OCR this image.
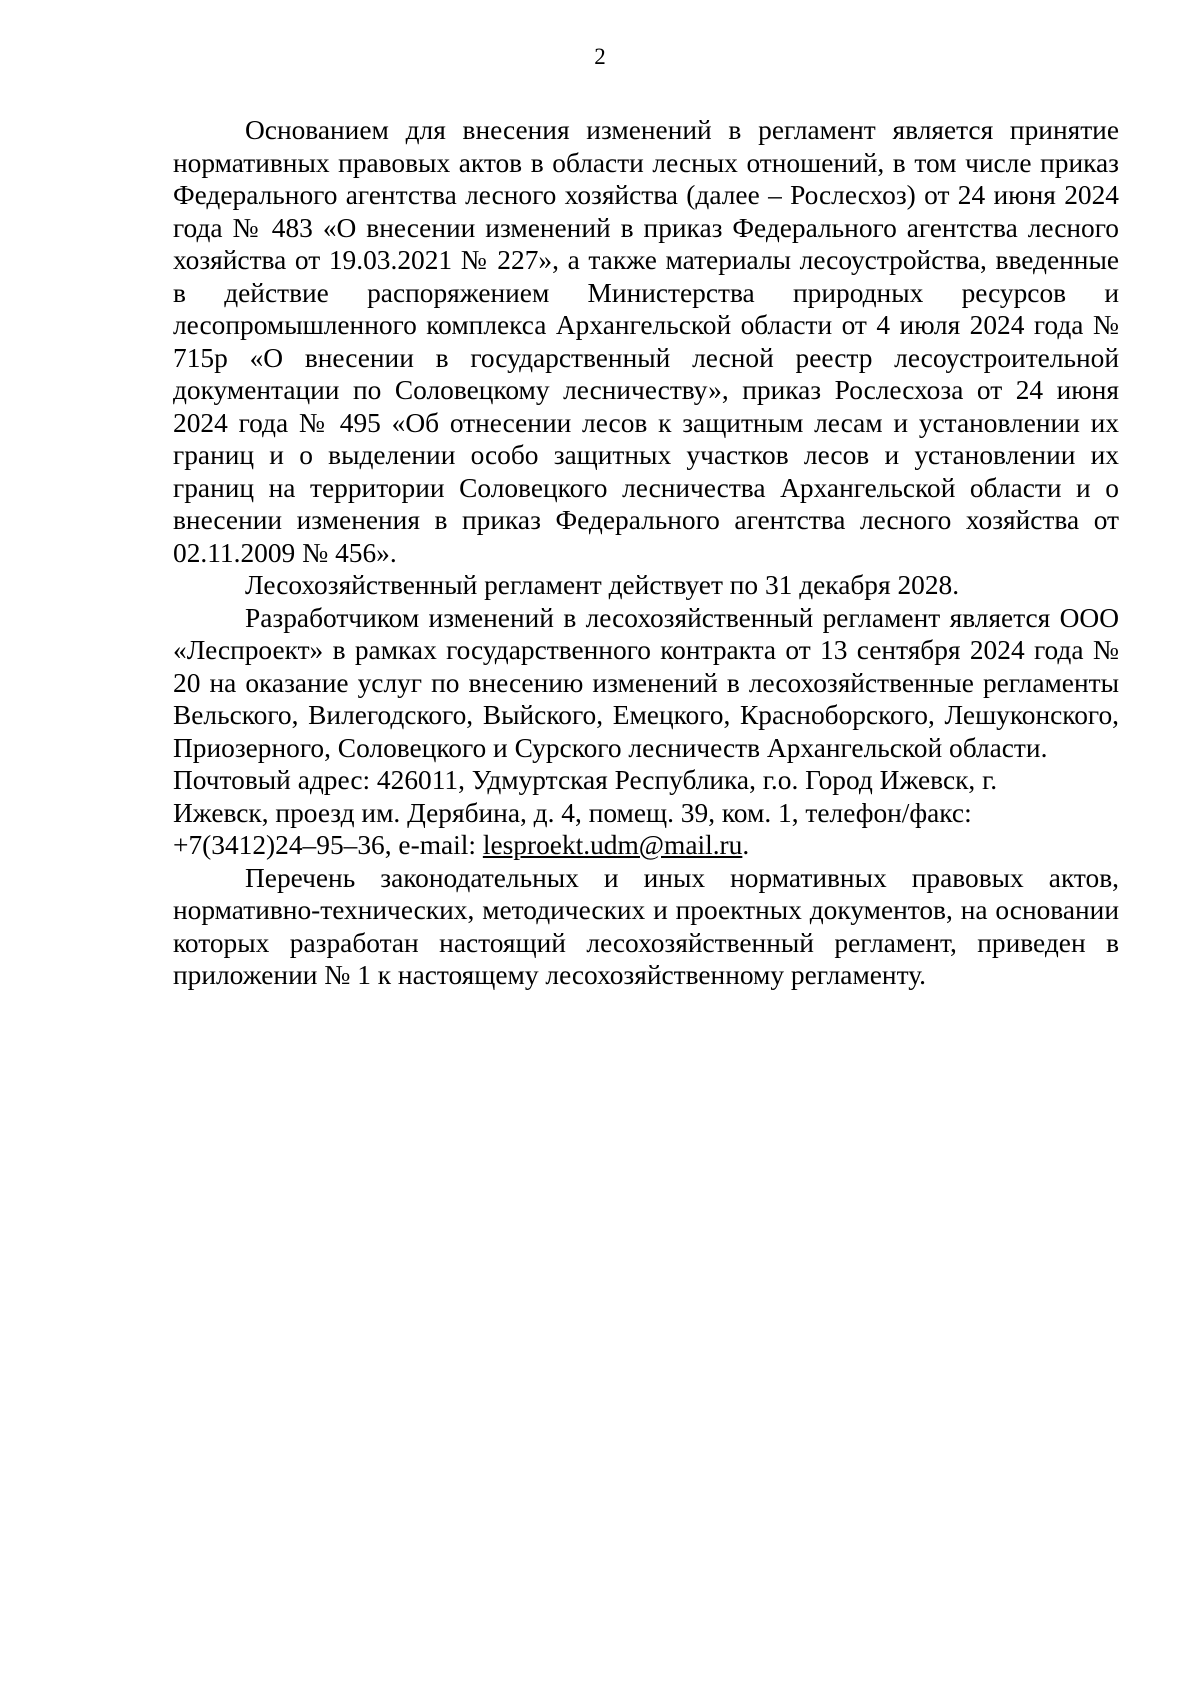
2

Основанием для внесения изменений в регламент является принятие нормативных правовых актов в области лесных отношений, в том числе приказ Федерального агентства лесного хозяйства (далее – Рослесхоз) от 24 июня 2024 года № 483 «О внесении изменений в приказ Федерального агентства лесного хозяйства от 19.03.2021 № 227», а также материалы лесоустройства, введенные в действие распоряжением Министерства природных ресурсов и лесопромышленного комплекса Архангельской области от 4 июля 2024 года № 715р «О внесении в государственный лесной реестр лесоустроительной документации по Соловецкому лесничеству», приказ Рослесхоза от 24 июня 2024 года № 495 «Об отнесении лесов к защитным лесам и установлении их границ и о выделении особо защитных участков лесов и установлении их границ на территории Соловецкого лесничества Архангельской области и о внесении изменения в приказ Федерального агентства лесного хозяйства от 02.11.2009 № 456».

Лесохозяйственный регламент действует по 31 декабря 2028.

Разработчиком изменений в лесохозяйственный регламент является ООО «Леспроект» в рамках государственного контракта от 13 сентября 2024 года № 20 на оказание услуг по внесению изменений в лесохозяйственные регламенты Вельского, Вилегодского, Выйского, Емецкого, Красноборского, Лешуконского, Приозерного, Соловецкого и Сурского лесничеств Архангельской области.

Почтовый адрес: 426011, Удмуртская Республика, г.о. Город Ижевск, г.

Ижевск, проезд им. Дерябина, д. 4, помещ. 39, ком. 1, телефон/факс:

+7(3412)24–95–36, e-mail: lesproekt.udm@mail.ru.

Перечень законодательных и иных нормативных правовых актов, нормативно-технических, методических и проектных документов, на основании которых разработан настоящий лесохозяйственный регламент, приведен в приложении № 1 к настоящему лесохозяйственному регламенту.
